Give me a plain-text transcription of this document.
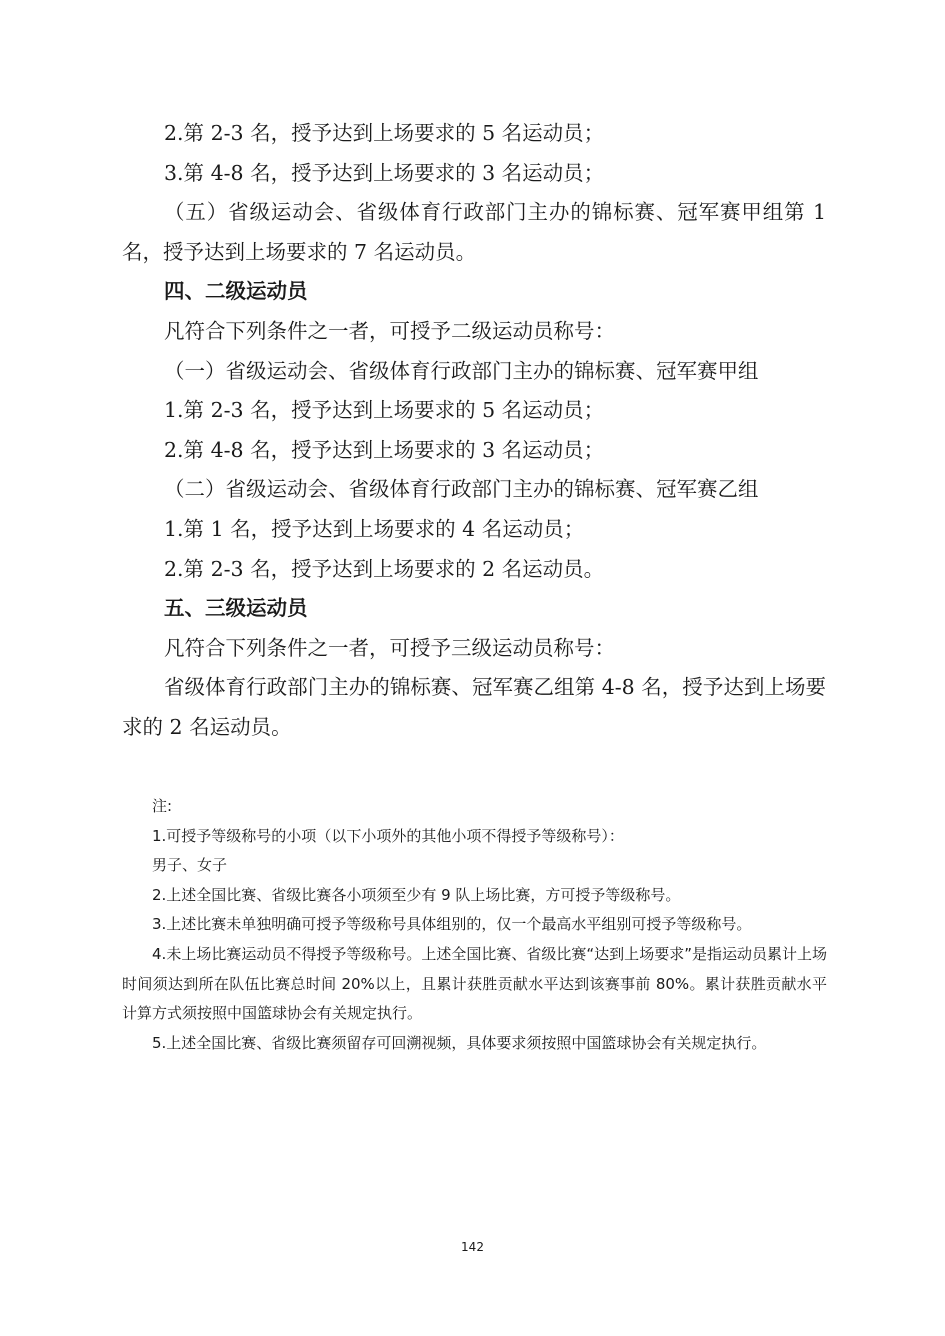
2.第 2-3 名，授予达到上场要求的 5 名运动员；

3.第 4-8 名，授予达到上场要求的 3 名运动员；

（五）省级运动会、省级体育行政部门主办的锦标赛、冠军赛甲组第 1 名，授予达到上场要求的 7 名运动员。

四、二级运动员

凡符合下列条件之一者，可授予二级运动员称号：

（一）省级运动会、省级体育行政部门主办的锦标赛、冠军赛甲组

1.第 2-3 名，授予达到上场要求的 5 名运动员；

2.第 4-8 名，授予达到上场要求的 3 名运动员；

（二）省级运动会、省级体育行政部门主办的锦标赛、冠军赛乙组

1.第 1 名，授予达到上场要求的 4 名运动员；

2.第 2-3 名，授予达到上场要求的 2 名运动员。

五、三级运动员

凡符合下列条件之一者，可授予三级运动员称号：

省级体育行政部门主办的锦标赛、冠军赛乙组第 4-8 名，授予达到上场要求的 2 名运动员。

注:

1.可授予等级称号的小项（以下小项外的其他小项不得授予等级称号）：

男子、女子

2.上述全国比赛、省级比赛各小项须至少有 9 队上场比赛，方可授予等级称号。

3.上述比赛未单独明确可授予等级称号具体组别的，仅一个最高水平组别可授予等级称号。

4.未上场比赛运动员不得授予等级称号。上述全国比赛、省级比赛“达到上场要求”是指运动员累计上场时间须达到所在队伍比赛总时间 20%以上，且累计获胜贡献水平达到该赛事前 80%。累计获胜贡献水平计算方式须按照中国篮球协会有关规定执行。

5.上述全国比赛、省级比赛须留存可回溯视频，具体要求须按照中国篮球协会有关规定执行。

142
